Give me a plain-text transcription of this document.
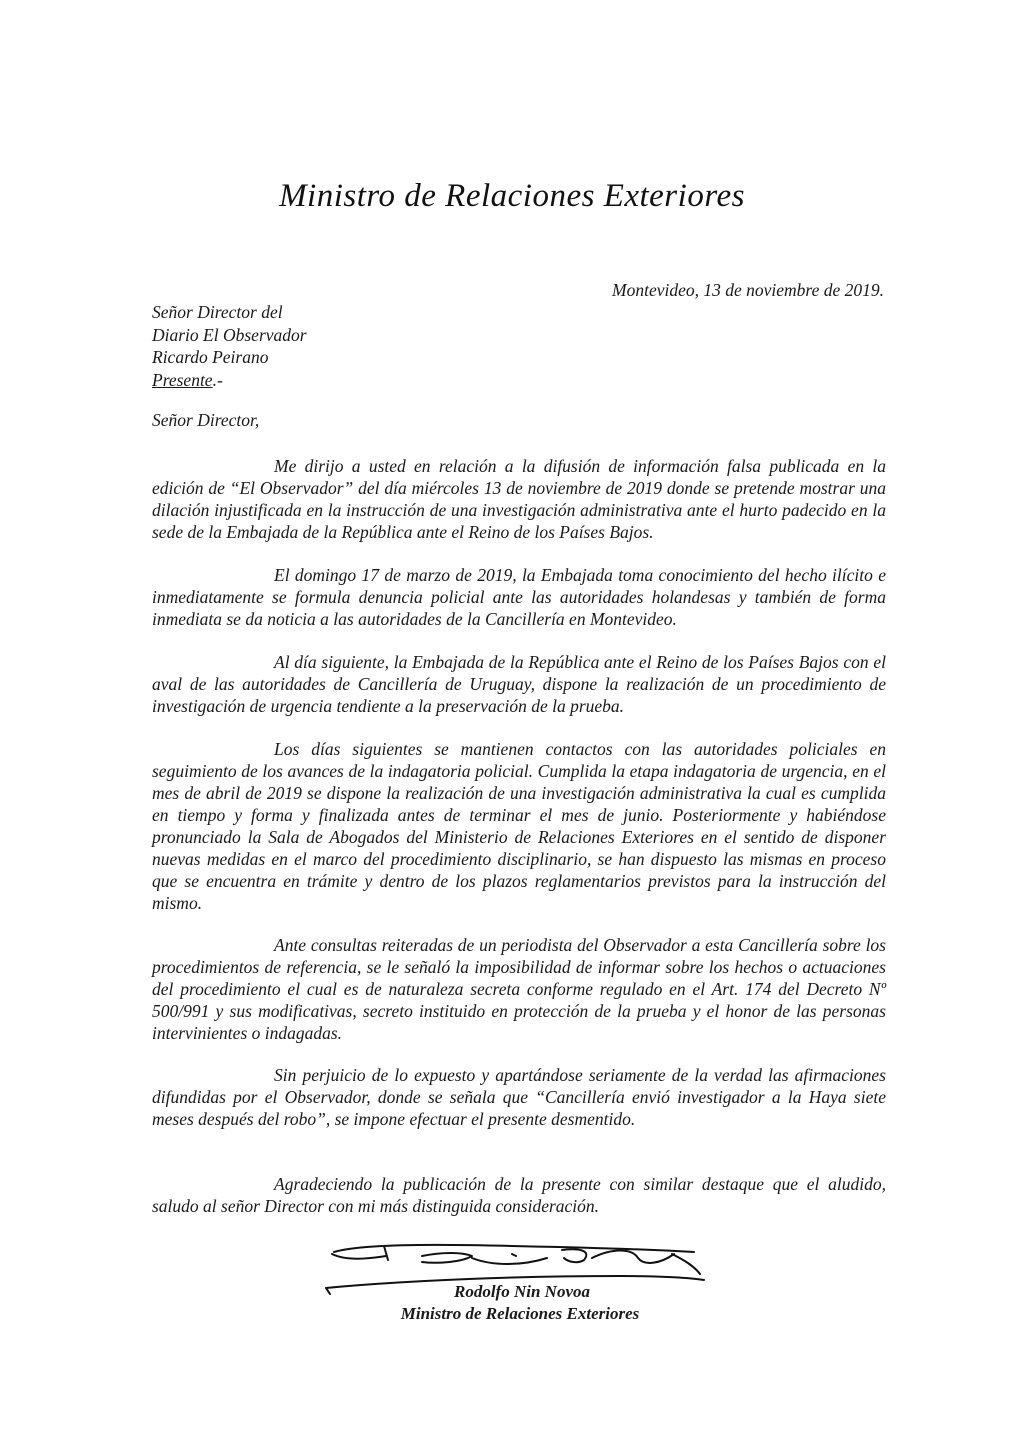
Ministro de Relaciones Exteriores
Montevideo, 13 de noviembre de 2019.
Señor Director del
Diario El Observador
Ricardo Peirano
Presente.-
Señor Director,

Me dirijo a usted en relación a la difusión de información falsa publicada en la edición de “El Observador” del día miércoles 13 de noviembre de 2019 donde se pretende mostrar una dilación injustificada en la instrucción de una investigación administrativa ante el hurto padecido en la sede de la Embajada de la República ante el Reino de los Países Bajos.

El domingo 17 de marzo de 2019, la Embajada toma conocimiento del hecho ilícito e inmediatamente se formula denuncia policial ante las autoridades holandesas y también de forma inmediata se da noticia a las autoridades de la Cancillería en Montevideo.

Al día siguiente, la Embajada de la República ante el Reino de los Países Bajos con el aval de las autoridades de Cancillería de Uruguay, dispone la realización de un procedimiento de investigación de urgencia tendiente a la preservación de la prueba.

Los días siguientes se mantienen contactos con las autoridades policiales en seguimiento de los avances de la indagatoria policial. Cumplida la etapa indagatoria de urgencia, en el mes de abril de 2019 se dispone la realización de una investigación administrativa la cual es cumplida en tiempo y forma y finalizada antes de terminar el mes de junio. Posteriormente y habiéndose pronunciado la Sala de Abogados del Ministerio de Relaciones Exteriores en el sentido de disponer nuevas medidas en el marco del procedimiento disciplinario, se han dispuesto las mismas en proceso que se encuentra en trámite y dentro de los plazos reglamentarios previstos para la instrucción del mismo.

Ante consultas reiteradas de un periodista del Observador a esta Cancillería sobre los procedimientos de referencia, se le señaló la imposibilidad de informar sobre los hechos o actuaciones del procedimiento el cual es de naturaleza secreta conforme regulado en el Art. 174 del Decreto Nº 500/991 y sus modificativas, secreto instituido en protección de la prueba y el honor de las personas intervinientes o indagadas.

Sin perjuicio de lo expuesto y apartándose seriamente de la verdad las afirmaciones difundidas por el Observador, donde se señala que “Cancillería envió investigador a la Haya siete meses después del robo”, se impone efectuar el presente desmentido.

Agradeciendo la publicación de la presente con similar destaque que el aludido, saludo al señor Director con mi más distinguida consideración.

Rodolfo Nin Novoa
Ministro de Relaciones Exteriores
